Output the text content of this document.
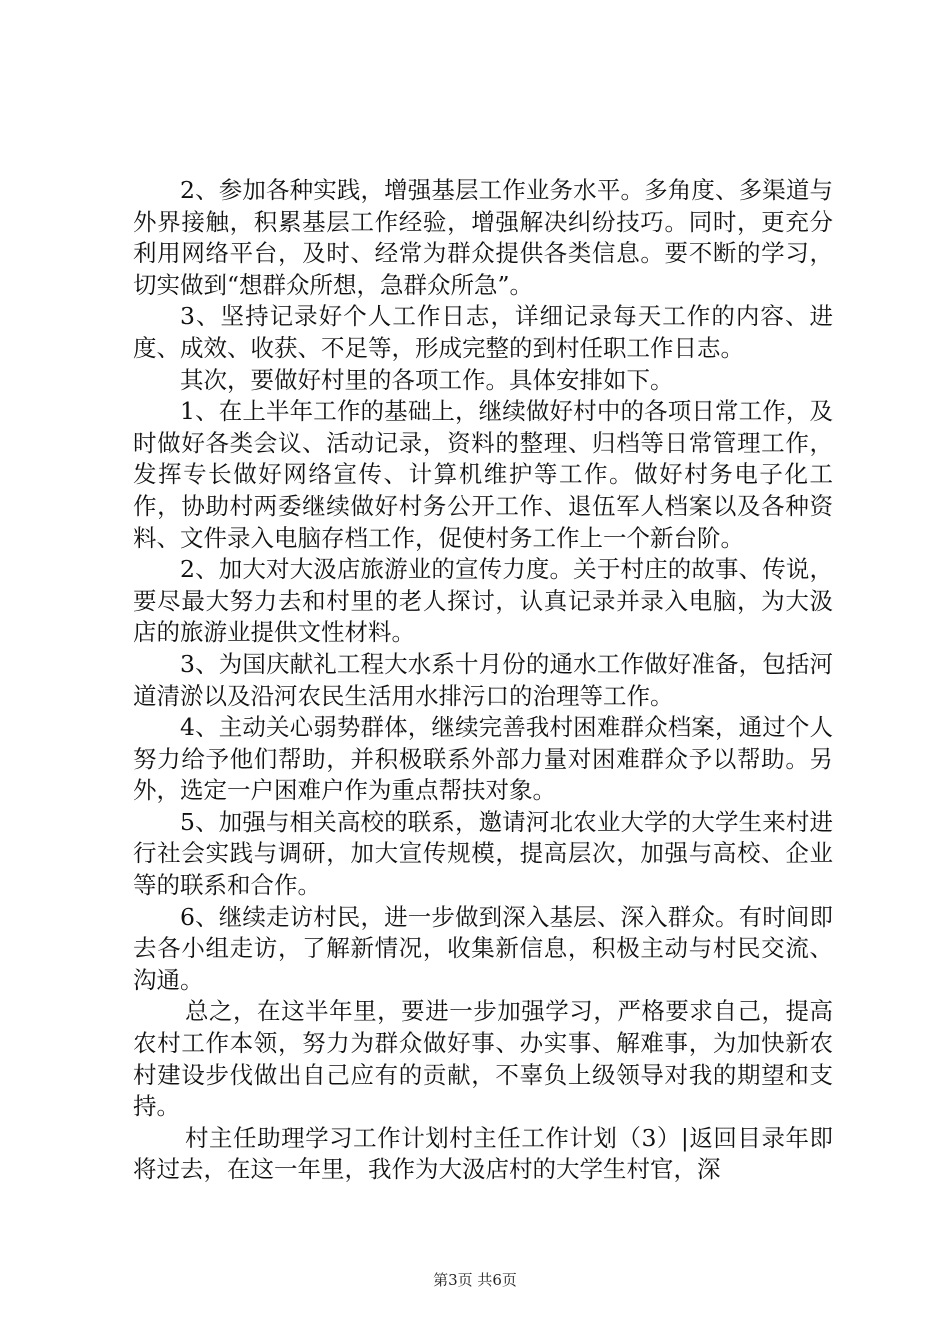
2、参加各种实践，增强基层工作业务水平。多角度、多渠道与外界接触，积累基层工作经验，增强解决纠纷技巧。同时，更充分利用网络平台，及时、经常为群众提供各类信息。要不断的学习，切实做到“想群众所想，急群众所急”。

3、坚持记录好个人工作日志，详细记录每天工作的内容、进度、成效、收获、不足等，形成完整的到村任职工作日志。

其次，要做好村里的各项工作。具体安排如下。

1、在上半年工作的基础上，继续做好村中的各项日常工作，及时做好各类会议、活动记录，资料的整理、归档等日常管理工作，发挥专长做好网络宣传、计算机维护等工作。做好村务电子化工作，协助村两委继续做好村务公开工作、退伍军人档案以及各种资料、文件录入电脑存档工作，促使村务工作上一个新台阶。

2、加大对大汲店旅游业的宣传力度。关于村庄的故事、传说，要尽最大努力去和村里的老人探讨，认真记录并录入电脑，为大汲店的旅游业提供文性材料。

3、为国庆献礼工程大水系十月份的通水工作做好准备，包括河道清淤以及沿河农民生活用水排污口的治理等工作。

4、主动关心弱势群体，继续完善我村困难群众档案，通过个人努力给予他们帮助，并积极联系外部力量对困难群众予以帮助。另外，选定一户困难户作为重点帮扶对象。

5、加强与相关高校的联系，邀请河北农业大学的大学生来村进行社会实践与调研，加大宣传规模，提高层次，加强与高校、企业等的联系和合作。

6、继续走访村民，进一步做到深入基层、深入群众。有时间即去各小组走访，了解新情况，收集新信息，积极主动与村民交流、沟通。

总之，在这半年里，要进一步加强学习，严格要求自己，提高农村工作本领，努力为群众做好事、办实事、解难事，为加快新农村建设步伐做出自己应有的贡献，不辜负上级领导对我的期望和支持。

村主任助理学习工作计划村主任工作计划（3）|返回目录年即将过去，在这一年里，我作为大汲店村的大学生村官，深

第3页 共6页
